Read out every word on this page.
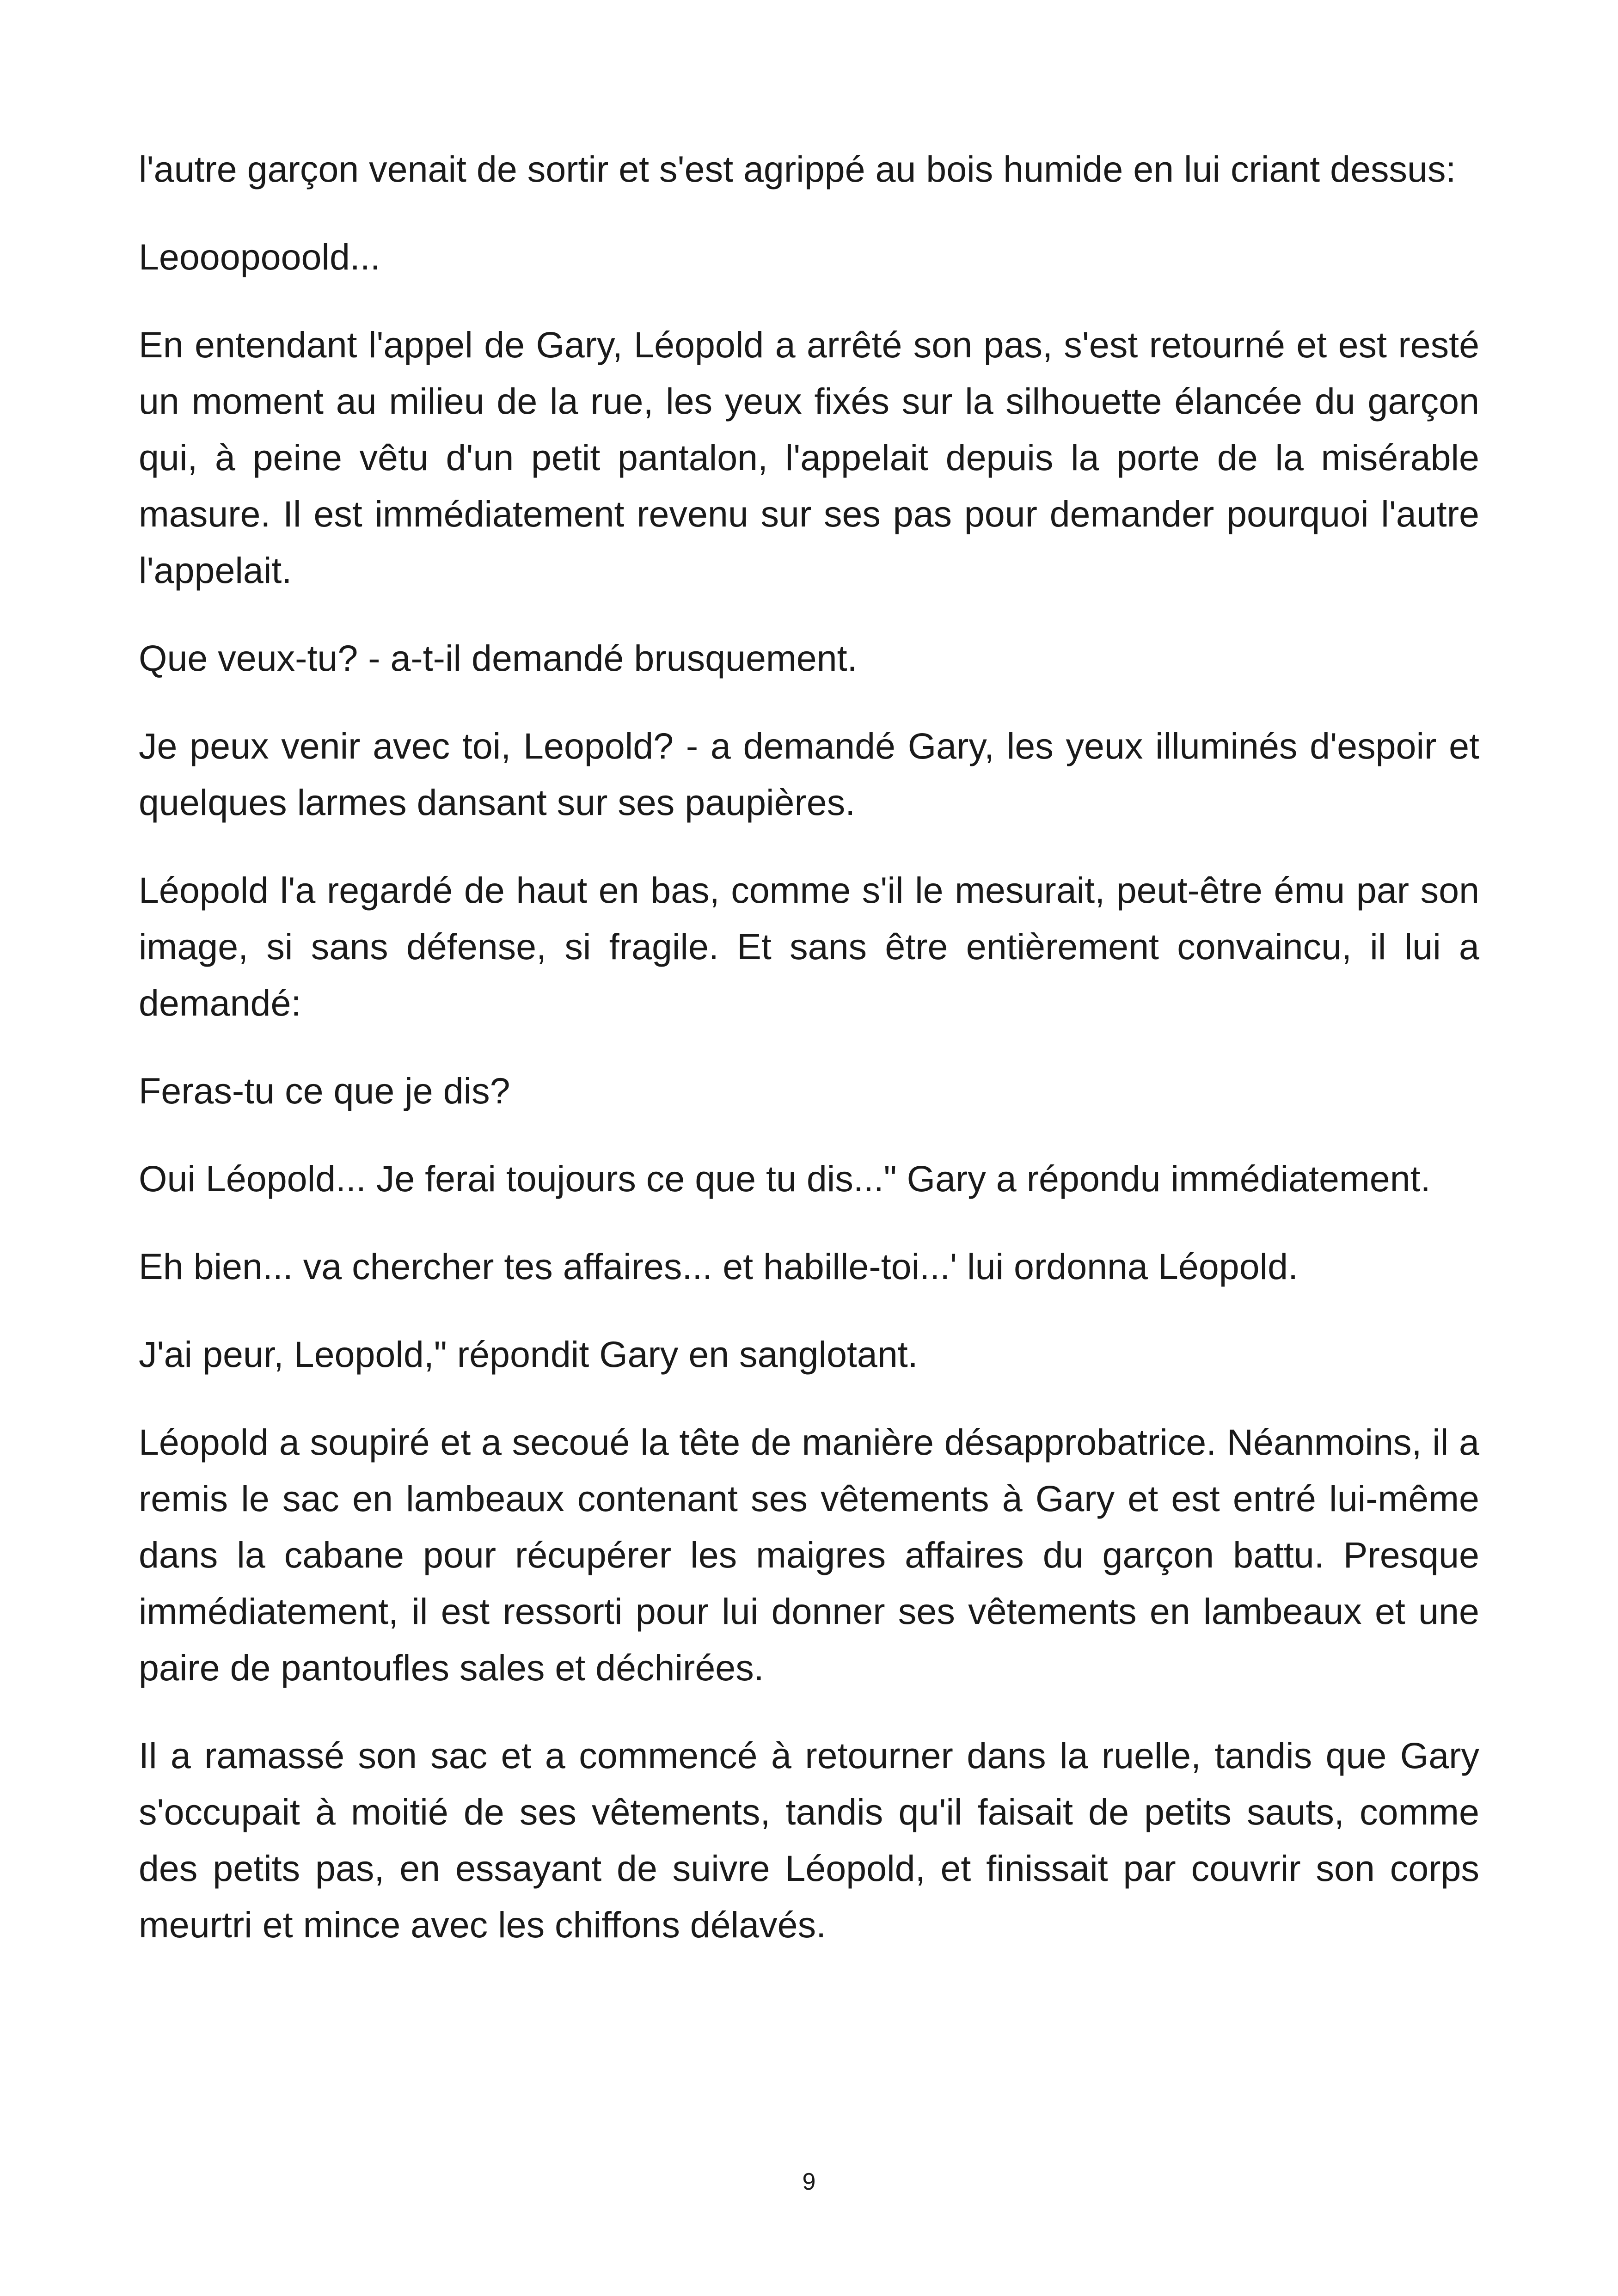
l'autre garçon venait de sortir et s'est agrippé au bois humide en lui criant dessus:

Leooopooold...

En entendant l'appel de Gary, Léopold a arrêté son pas, s'est retourné et est resté un moment au milieu de la rue, les yeux fixés sur la silhouette élancée du garçon qui, à peine vêtu d'un petit pantalon, l'appelait depuis la porte de la misérable masure. Il est immédiatement revenu sur ses pas pour demander pourquoi l'autre l'appelait.

Que veux-tu? - a-t-il demandé brusquement.

Je peux venir avec toi, Leopold? - a demandé Gary, les yeux illuminés d'espoir et quelques larmes dansant sur ses paupières.

Léopold l'a regardé de haut en bas, comme s'il le mesurait, peut-être ému par son image, si sans défense, si fragile. Et sans être entièrement convaincu, il lui a demandé:

Feras-tu ce que je dis?

Oui Léopold... Je ferai toujours ce que tu dis..." Gary a répondu immédiatement.

Eh bien... va chercher tes affaires... et habille-toi...' lui ordonna Léopold.

J'ai peur, Leopold," répondit Gary en sanglotant.

Léopold a soupiré et a secoué la tête de manière désapprobatrice. Néanmoins, il a remis le sac en lambeaux contenant ses vêtements à Gary et est entré lui-même dans la cabane pour récupérer les maigres affaires du garçon battu. Presque immédiatement, il est ressorti pour lui donner ses vêtements en lambeaux et une paire de pantoufles sales et déchirées.

Il a ramassé son sac et a commencé à retourner dans la ruelle, tandis que Gary s'occupait à moitié de ses vêtements, tandis qu'il faisait de petits sauts, comme des petits pas, en essayant de suivre Léopold, et finissait par couvrir son corps meurtri et mince avec les chiffons délavés.

9
